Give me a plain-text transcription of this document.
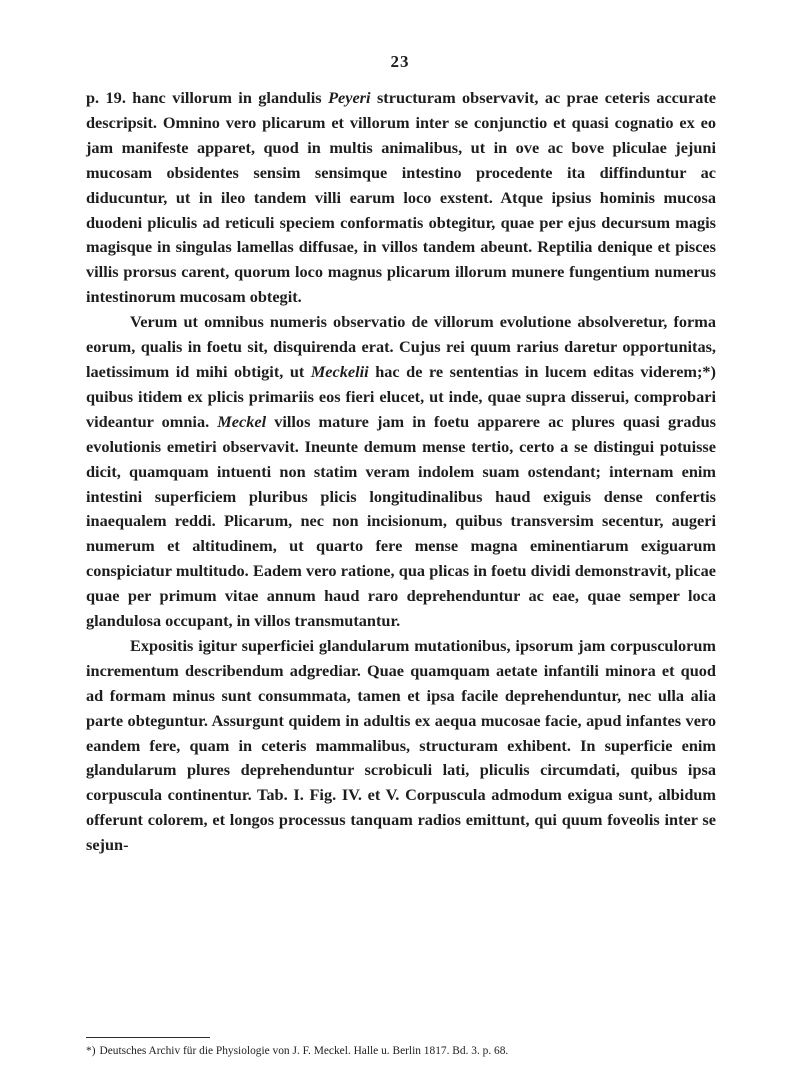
23

p. 19. hanc villorum in glandulis Peyeri structuram observavit, ac prae ceteris accurate descripsit. Omnino vero plicarum et villorum inter se conjunctio et quasi cognatio ex eo jam manifeste apparet, quod in multis animalibus, ut in ove ac bove pliculae jejuni mucosam obsidentes sensim sensimque intestino procedente ita diffinduntur ac diducuntur, ut in ileo tandem villi earum loco exstent. Atque ipsius hominis mucosa duodeni pliculis ad reticuli speciem conformatis obtegitur, quae per ejus decursum magis magisque in singulas lamellas diffusae, in villos tandem abeunt. Reptilia denique et pisces villis prorsus carent, quorum loco magnus plicarum illorum munere fungentium numerus intestinorum mucosam obtegit.

Verum ut omnibus numeris observatio de villorum evolutione absolveretur, forma eorum, qualis in foetu sit, disquirenda erat. Cujus rei quum rarius daretur opportunitas, laetissimum id mihi obtigit, ut Meckelii hac de re sententias in lucem editas viderem;*) quibus itidem ex plicis primariis eos fieri elucet, ut inde, quae supra disserui, comprobari videantur omnia. Meckel villos mature jam in foetu apparere ac plures quasi gradus evolutionis emetiri observavit. Ineunte demum mense tertio, certo a se distingui potuisse dicit, quamquam intuenti non statim veram indolem suam ostendant; internam enim intestini superficiem pluribus plicis longitudinalibus haud exiguis dense confertis inaequalem reddi. Plicarum, nec non incisionum, quibus transversim secentur, augeri numerum et altitudinem, ut quarto fere mense magna eminentiarum exiguarum conspiciatur multitudo. Eadem vero ratione, qua plicas in foetu dividi demonstravit, plicae quae per primum vitae annum haud raro deprehenduntur ac eae, quae semper loca glandulosa occupant, in villos transmutantur.

Expositis igitur superficiei glandularum mutationibus, ipsorum jam corpusculorum incrementum describendum adgrediar. Quae quamquam aetate infantili minora et quod ad formam minus sunt consummata, tamen et ipsa facile deprehenduntur, nec ulla alia parte obteguntur. Assurgunt quidem in adultis ex aequa mucosae facie, apud infantes vero eandem fere, quam in ceteris mammalibus, structuram exhibent. In superficie enim glandularum plures deprehenduntur scrobiculi lati, pliculis circumdati, quibus ipsa corpuscula continentur. Tab. I. Fig. IV. et V. Corpuscula admodum exigua sunt, albidum offerunt colorem, et longos processus tanquam radios emittunt, qui quum foveolis inter se sejun-

*) Deutsches Archiv für die Physiologie von J. F. Meckel. Halle u. Berlin 1817. Bd. 3. p. 68.
